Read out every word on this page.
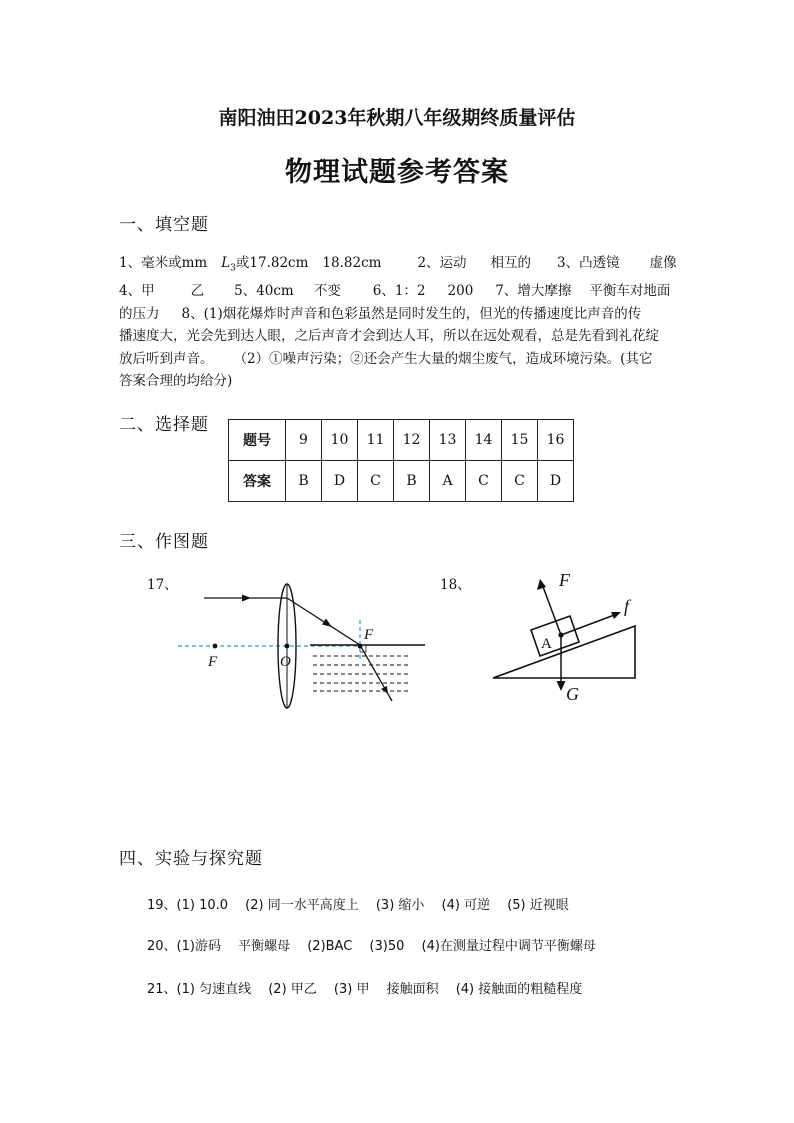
南阳油田2023年秋期八年级期终质量评估
物理试题参考答案
一、填空题
1、毫米或mm $L_3$或17.82cm 18.82cm	2、运动 相互的 3、凸透镜 虚像
4、甲	乙 5、40cm 不变 6、1：2 200 7、增大摩擦 平衡车对地面
的压力 8、(1)烟花爆炸时声音和色彩虽然是同时发生的，但光的传播速度比声音的传
播速度大，光会先到达人眼，之后声音才会到达人耳，所以在远处观看，总是先看到礼花绽
放后听到声音。 （2）①噪声污染；②还会产生大量的烟尘废气，造成环境污染。(其它
答案合理的均给分)
二、选择题
题号	9	10	11	12	13	14	15	16
答案	B	D	C	B	A	C	C	D
三、作图题
17、	18、
F	O
F
F
f
A
G
四、实验与探究题
19、(1) 10.0　 (2) 同一水平高度上　 (3) 缩小　 (4) 可逆　 (5) 近视眼
20、(1)游码　 平衡螺母　 (2)BAC　 (3)50　 (4)在测量过程中调节平衡螺母
21、(1) 匀速直线　 (2) 甲乙　 (3) 甲　 接触面积　 (4) 接触面的粗糙程度
